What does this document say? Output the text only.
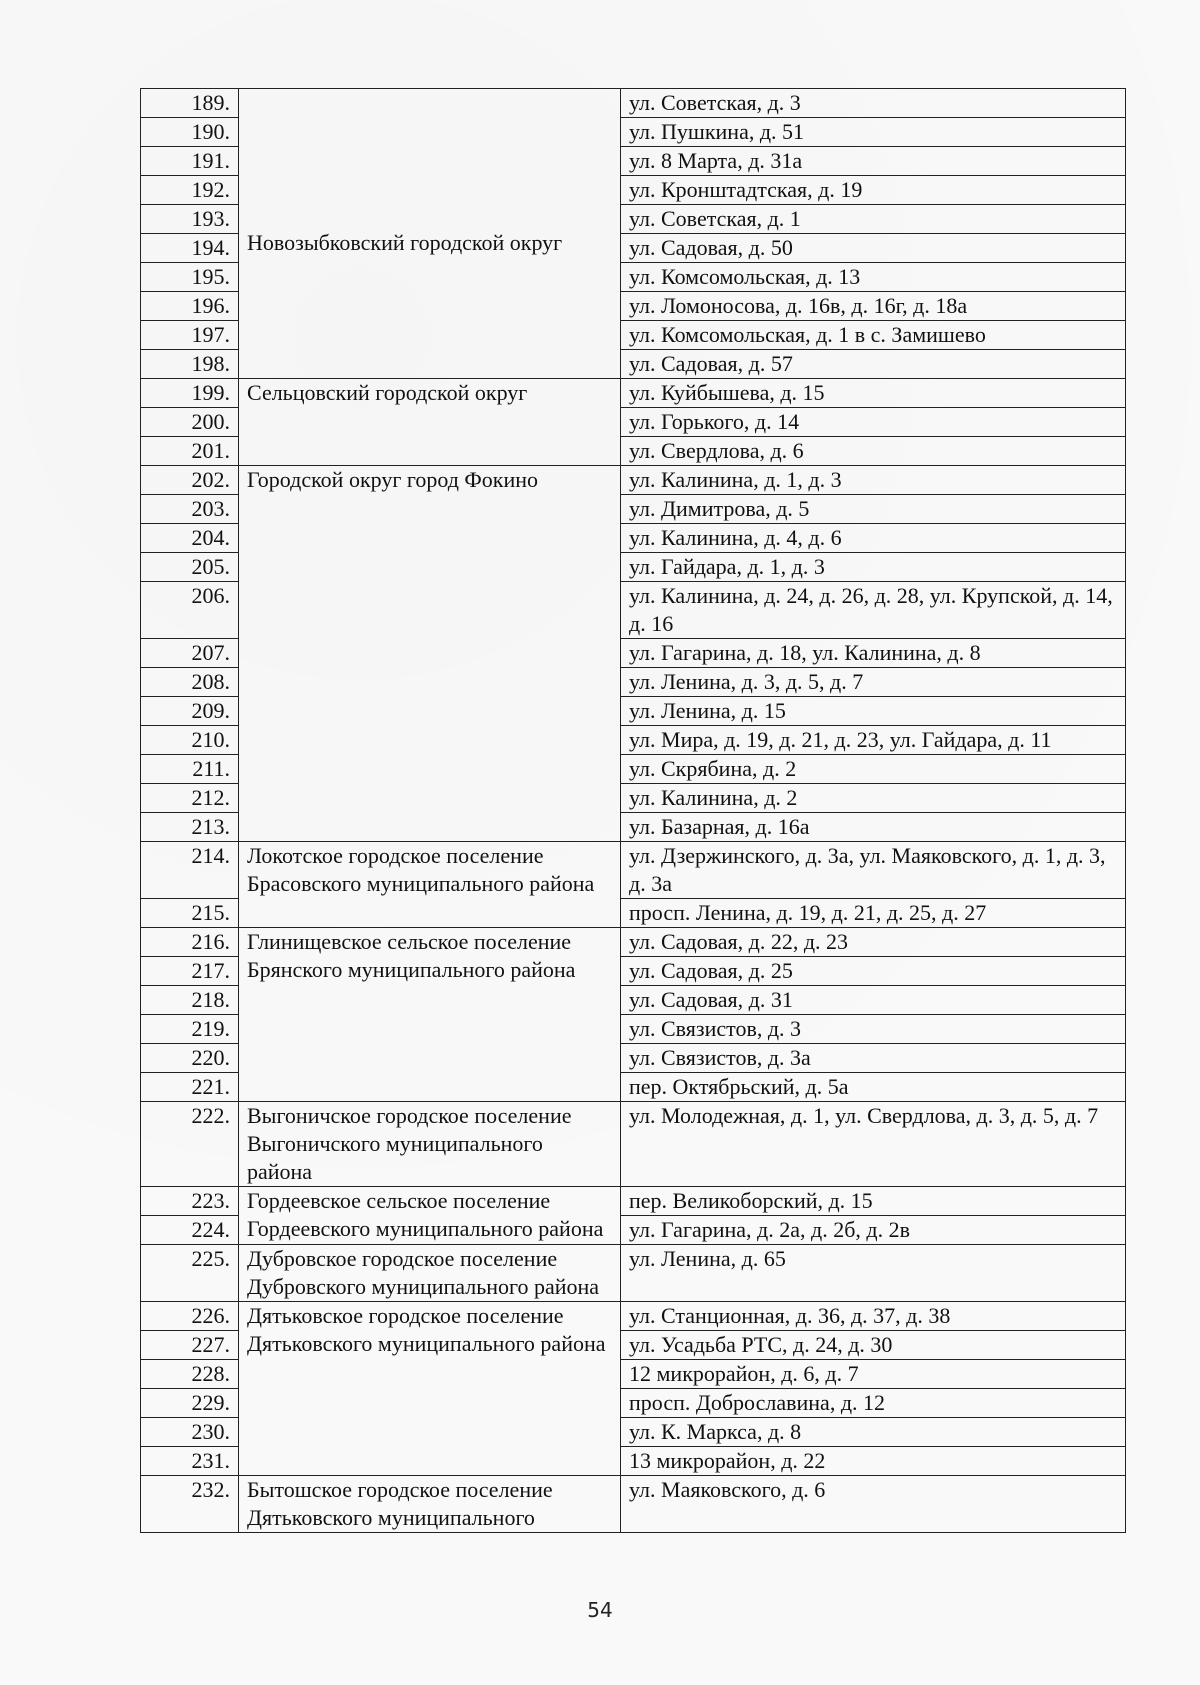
189.	Новозыбковский городской округ	ул. Советская, д. 3
190.		ул. Пушкина, д. 51
191.		ул. 8 Марта, д. 31а
192.		ул. Кронштадтская, д. 19
193.		ул. Советская, д. 1
194.		ул. Садовая, д. 50
195.		ул. Комсомольская, д. 13
196.		ул. Ломоносова, д. 16в, д. 16г, д. 18а
197.		ул. Комсомольская, д. 1 в с. Замишево
198.		ул. Садовая, д. 57
199.	Сельцовский городской округ	ул. Куйбышева, д. 15
200.		ул. Горького, д. 14
201.		ул. Свердлова, д. 6
202.	Городской округ город Фокино	ул. Калинина, д. 1, д. 3
203.		ул. Димитрова, д. 5
204.		ул. Калинина, д. 4, д. 6
205.		ул. Гайдара, д. 1, д. 3
206.		ул. Калинина, д. 24, д. 26, д. 28, ул. Крупской, д. 14, д. 16
207.		ул. Гагарина, д. 18, ул. Калинина, д. 8
208.		ул. Ленина, д. 3, д. 5, д. 7
209.		ул. Ленина, д. 15
210.		ул. Мира, д. 19, д. 21, д. 23, ул. Гайдара, д. 11
211.		ул. Скрябина, д. 2
212.		ул. Калинина, д. 2
213.		ул. Базарная, д. 16а
214.	Локотское городское поселение Брасовского муниципального района	ул. Дзержинского, д. 3а, ул. Маяковского, д. 1, д. 3, д. 3а
215.		просп. Ленина, д. 19, д. 21, д. 25, д. 27
216.	Глинищевское сельское поселение Брянского муниципального района	ул. Садовая, д. 22, д. 23
217.		ул. Садовая, д. 25
218.		ул. Садовая, д. 31
219.		ул. Связистов, д. 3
220.		ул. Связистов, д. 3а
221.		пер. Октябрьский, д. 5а
222.	Выгоничское городское поселение Выгоничского муниципального района	ул. Молодежная, д. 1, ул. Свердлова, д. 3, д. 5, д. 7
223.	Гордеевское сельское поселение Гордеевского муниципального района	пер. Великоборский, д. 15
224.		ул. Гагарина, д. 2а, д. 2б, д. 2в
225.	Дубровское городское поселение Дубровского муниципального района	ул. Ленина, д. 65
226.	Дятьковское городское поселение Дятьковского муниципального района	ул. Станционная, д. 36, д. 37, д. 38
227.		ул. Усадьба РТС, д. 24, д. 30
228.		12 микрорайон, д. 6, д. 7
229.		просп. Доброславина, д. 12
230.		ул. К. Маркса, д. 8
231.		13 микрорайон, д. 22
232.	Бытошское городское поселение Дятьковского муниципального	ул. Маяковского, д. 6
54
